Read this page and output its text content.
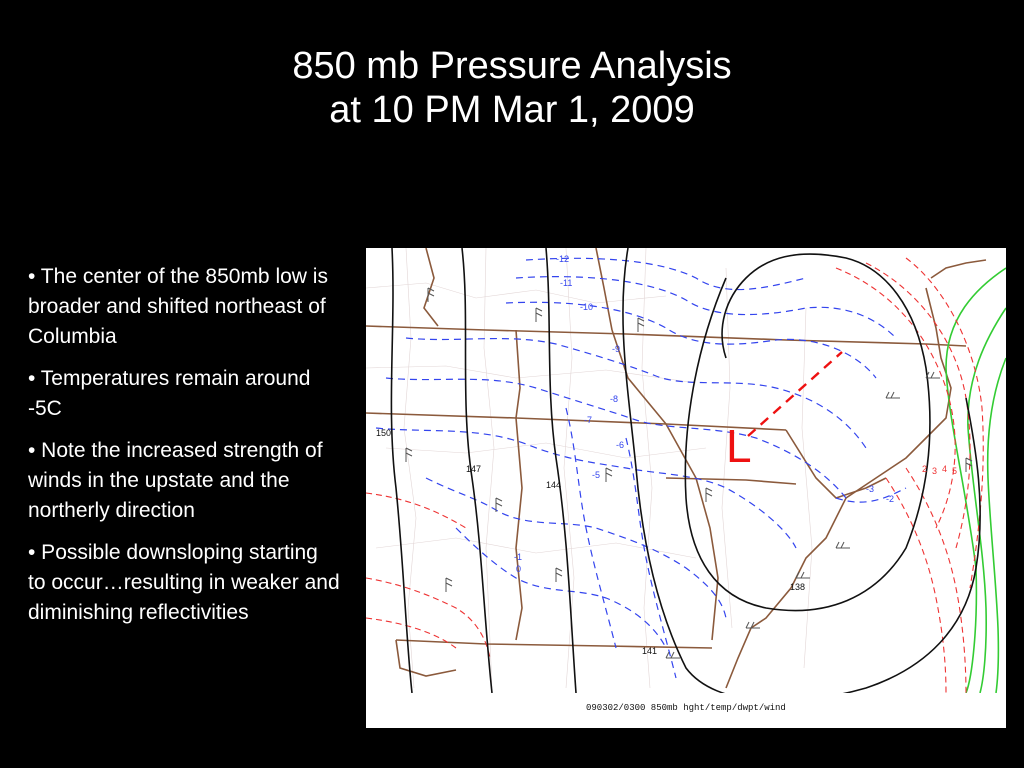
850 mb Pressure Analysis
at 10 PM Mar 1, 2009

• The center of the 850mb low is broader and shifted northeast of Columbia

• Temperatures remain around -5C

• Note the increased strength of winds in the upstate and the northerly direction

• Possible downsloping starting to occur…resulting in weaker and diminishing reflectivities

L
150
147
144
141
138
-12
-11
-10
-9
-8
-7
-6
-5
-3
-2
-1
0
2 3 4 5
090302/0300 850mb hght/temp/dwpt/wind
